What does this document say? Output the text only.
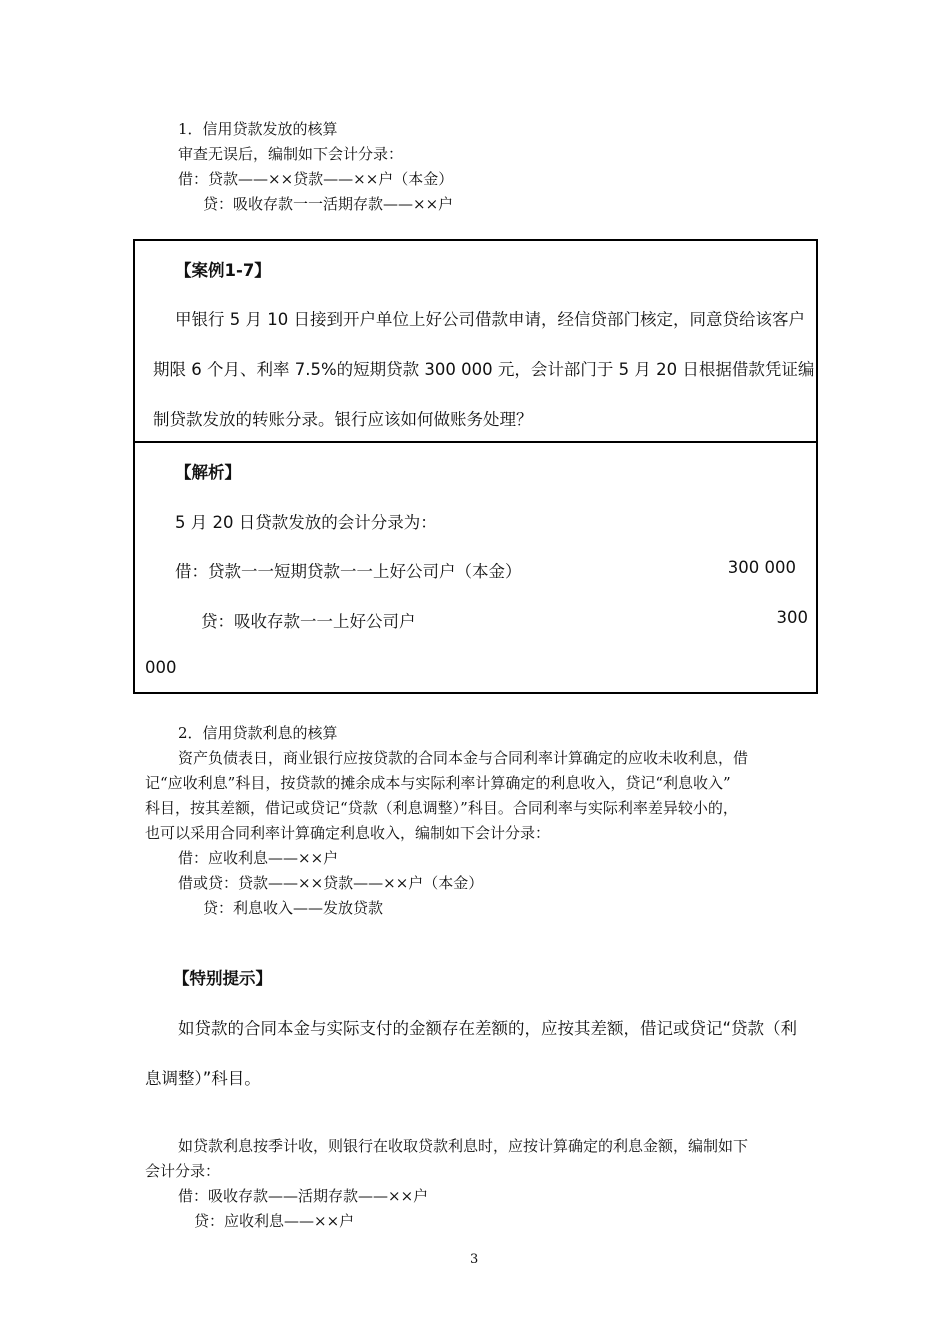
1．信用贷款发放的核算
审查无误后，编制如下会计分录：
借：贷款——××贷款——××户（本金）
贷：吸收存款一一活期存款——××户
【案例1-7】
甲银行 5 月 10 日接到开户单位上好公司借款申请，经信贷部门核定，同意贷给该客户
期限 6 个月、利率 7.5%的短期贷款 300 000 元，会计部门于 5 月 20 日根据借款凭证编
制贷款发放的转账分录。银行应该如何做账务处理？
【解析】
5 月 20 日贷款发放的会计分录为：
借：贷款一一短期贷款一一上好公司户（本金）	300 000
贷：吸收存款一一上好公司户	300
000
2．信用贷款利息的核算
资产负债表日，商业银行应按贷款的合同本金与合同利率计算确定的应收未收利息，借
记“应收利息”科目，按贷款的摊余成本与实际利率计算确定的利息收入，贷记“利息收入”
科目，按其差额，借记或贷记“贷款（利息调整）”科目。合同利率与实际利率差异较小的，
也可以采用合同利率计算确定利息收入，编制如下会计分录：
借：应收利息——××户
借或贷：贷款——××贷款——××户（本金）
贷：利息收入——发放贷款
【特别提示】
如贷款的合同本金与实际支付的金额存在差额的，应按其差额，借记或贷记“贷款（利
息调整）”科目。
如贷款利息按季计收，则银行在收取贷款利息时，应按计算确定的利息金额，编制如下
会计分录：
借：吸收存款——活期存款——××户
贷：应收利息——××户
3
